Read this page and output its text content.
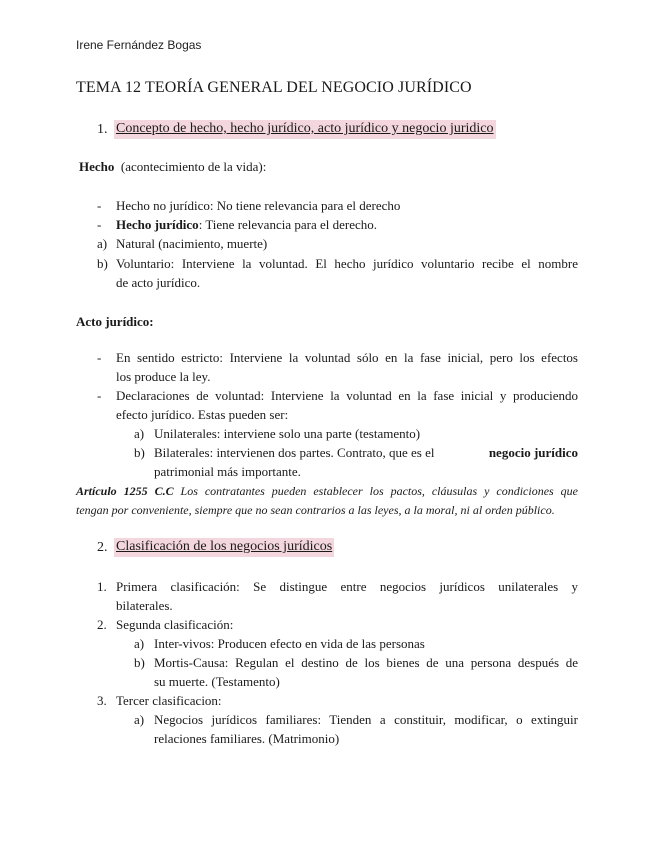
Irene Fernández Bogas
TEMA 12 TEORÍA GENERAL DEL NEGOCIO JURÍDICO
1. Concepto de hecho, hecho jurídico, acto jurídico y negocio juridico
Hecho (acontecimiento de la vida):
- Hecho no jurídico: No tiene relevancia para el derecho
- Hecho jurídico: Tiene relevancia para el derecho.
a) Natural (nacimiento, muerte)
b) Voluntario: Interviene la voluntad. El hecho jurídico voluntario recibe el nombre
de acto jurídico.
Acto jurídico:
- En sentido estricto: Interviene la voluntad sólo en la fase inicial, pero los efectos
los produce la ley.
- Declaraciones de voluntad: Interviene la voluntad en la fase inicial y produciendo
efecto jurídico. Estas pueden ser:
a) Unilaterales: interviene solo una parte (testamento)
b) Bilaterales: intervienen dos partes. Contrato, que es el	negocio jurídico
patrimonial más importante.
Artículo 1255 C.C Los contratantes pueden establecer los pactos, cláusulas y condiciones que
tengan por conveniente, siempre que no sean contrarios a las leyes, a la moral, ni al orden público.
2. Clasificación de los negocios jurídicos
1. Primera clasificación: Se distingue entre negocios jurídicos unilaterales y
bilaterales.
2. Segunda clasificación:
a) Inter-vivos: Producen efecto en vida de las personas
b) Mortis-Causa: Regulan el destino de los bienes de una persona después de
su muerte. (Testamento)
3. Tercer clasificacion:
a) Negocios jurídicos familiares: Tienden a constituir, modificar, o extinguir
relaciones familiares. (Matrimonio)
